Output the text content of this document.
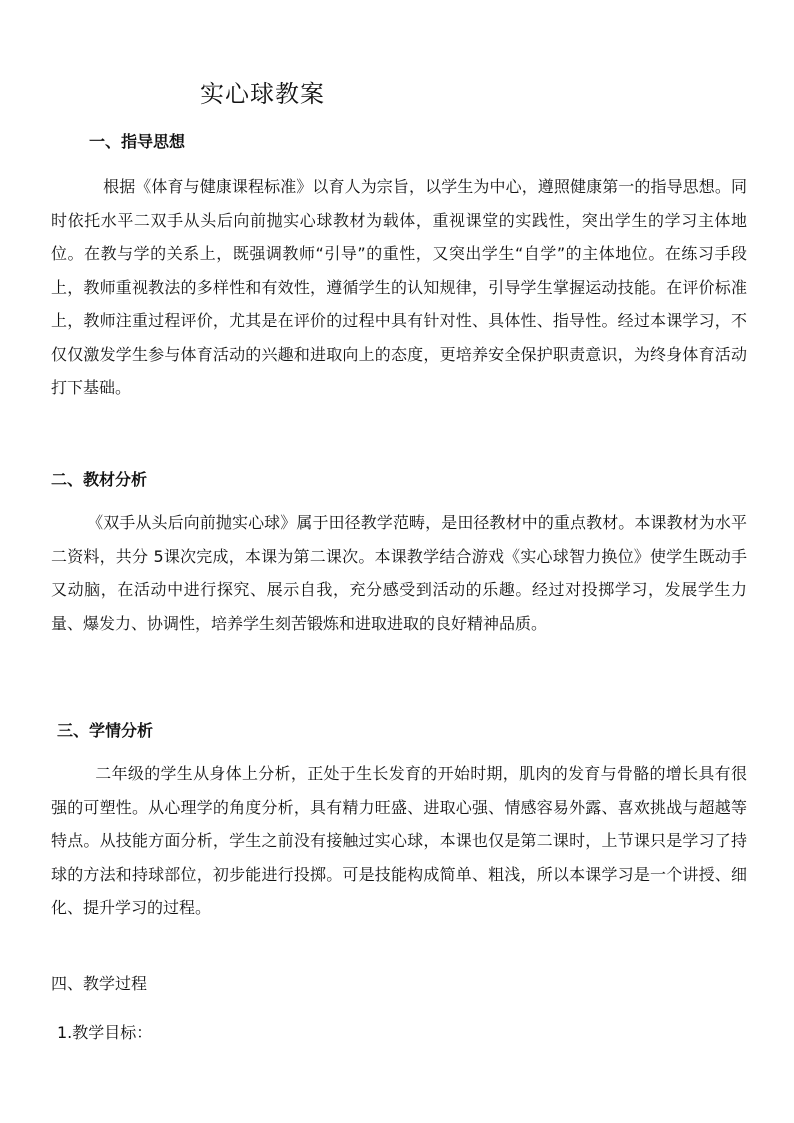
实心球教案
一、指导思想

根据《体育与健康课程标准》以育人为宗旨，以学生为中心，遵照健康第一的指导思想。同时依托水平二双手从头后向前抛实心球教材为载体，重视课堂的实践性，突出学生的学习主体地位。在教与学的关系上，既强调教师“引导”的重性，又突出学生“自学”的主体地位。在练习手段上，教师重视教法的多样性和有效性，遵循学生的认知规律，引导学生掌握运动技能。在评价标准上，教师注重过程评价，尤其是在评价的过程中具有针对性、具体性、指导性。经过本课学习，不仅仅激发学生参与体育活动的兴趣和进取向上的态度，更培养安全保护职责意识，为终身体育活动打下基础。

二、教材分析

《双手从头后向前抛实心球》属于田径教学范畴，是田径教材中的重点教材。本课教材为水平二资料，共分 5课次完成，本课为第二课次。本课教学结合游戏《实心球智力换位》使学生既动手又动脑，在活动中进行探究、展示自我，充分感受到活动的乐趣。经过对投掷学习，发展学生力量、爆发力、协调性，培养学生刻苦锻炼和进取进取的良好精神品质。

三、学情分析

二年级的学生从身体上分析，正处于生长发育的开始时期，肌肉的发育与骨骼的增长具有很强的可塑性。从心理学的角度分析，具有精力旺盛、进取心强、情感容易外露、喜欢挑战与超越等特点。从技能方面分析，学生之前没有接触过实心球，本课也仅是第二课时，上节课只是学习了持球的方法和持球部位，初步能进行投掷。可是技能构成简单、粗浅，所以本课学习是一个讲授、细化、提升学习的过程。

四、教学过程
1.教学目标：
